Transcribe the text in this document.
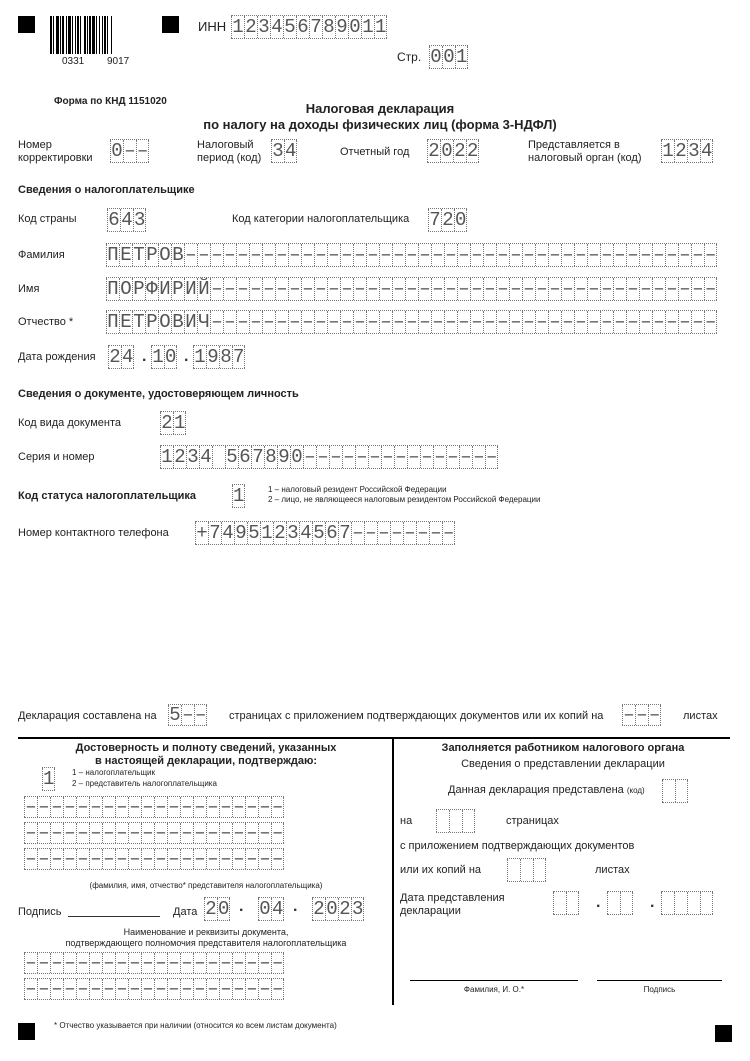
0331 9017
ИНН 1 2 3 4 5 6 7 8 9 0 1 1
Стр. 0 0 1
Форма по КНД 1151020	Налоговая декларация
по налогу на доходы физических лиц (форма 3-НДФЛ)
Номер
корректировки 0 – –	Налоговый
период (код) 3 4	Отчетный год 2 0 2 2	Представляется в
налоговый орган (код) 1 2 3 4
Сведения о налогоплательщике
Код страны 6 4 3	Код категории налогоплательщика 7 2 0
Фамилия П Е Т Р О В – – – – – – – – – – – – – – – – – – – – – – – – – – – – – – – – – – – – – – – – –
Имя	П О Р Ф И Р И Й – – – – – – – – – – – – – – – – – – – – – – – – – – – – – – – – – – – – – – –
Отчество * П Е Т Р О В И Ч – – – – – – – – – – – – – – – – – – – – – – – – – – – – – – – – – – – – – – –
Дата рождения 2 4 . 1 0 . 1 9 8 7
Сведения о документе, удостоверяющем личность
Код вида документа 2 1
Серия и номер	1 2 3 4 5 6 7 8 9 0 – – – – – – – – – – – – – – –
Код статуса налогоплательщика 1	1 – налоговый резидент Российской Федерации
2 – лицо, не являющееся налоговым резидентом Российской Федерации
Номер контактного телефона + 7 4 9 5 1 2 3 4 5 6 7 – – – – – – – –
Декларация составлена на 5 – – страницах с приложением подтверждающих документов или их копий на – – – листах
Достоверность и полноту сведений, указанных
в настоящей декларации, подтверждаю:
1 1 – налогоплательщик
2 – представитель налогоплательщика
– – – – – – – – – – – – – – – – – – – –
– – – – – – – – – – – – – – – – – – – –
– – – – – – – – – – – – – – – – – – – –
(фамилия, имя, отчество* представителя налогоплательщика)
Подпись	Дата 2 0 . 0 4 . 2 0 2 3
Наименование и реквизиты документа,
подтверждающего полномочия представителя налогоплательщика
– – – – – – – – – – – – – – – – – – – –
– – – – – – – – – – – – – – – – – – – –
Заполняется работником налогового органа
Сведения о представлении декларации
Данная декларация представлена (код)
на	страницах
с приложением подтверждающих документов
или их копий на	листах
Дата представления
декларации	.	.
Фамилия, И. О.*	Подпись
* Отчество указывается при наличии (относится ко всем листам документа)
